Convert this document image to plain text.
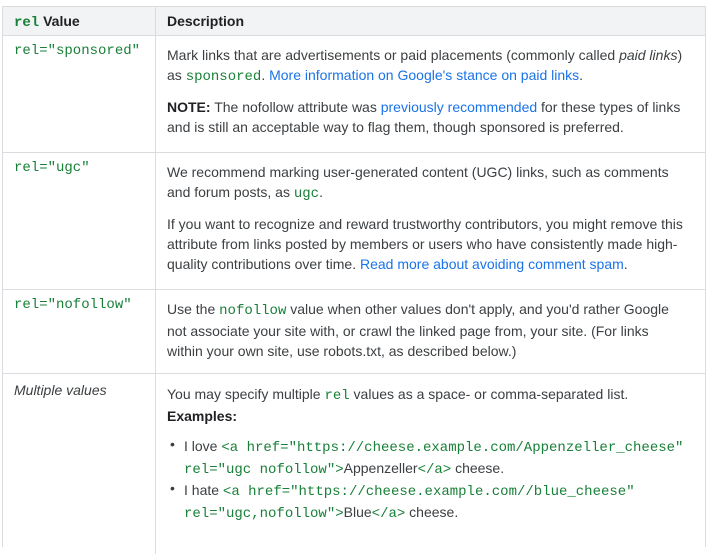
rel Value	Description
rel="sponsored" Mark links that are advertisements or paid placements (commonly called paid links) as sponsored. More information on Google's stance on paid links.

NOTE: The nofollow attribute was previously recommended for these types of links and is still an acceptable way to flag them, though sponsored is preferred.

rel="ugc"	We recommend marking user-generated content (UGC) links, such as comments and forum posts, as ugc.

If you want to recognize and reward trustworthy contributors, you might remove this attribute from links posted by members or users who have consistently made high-quality contributions over time. Read more about avoiding comment spam.

rel="nofollow"	Use the nofollow value when other values don't apply, and you'd rather Google not associate your site with, or crawl the linked page from, your site. (For links within your own site, use robots.txt, as described below.)

Multiple values	You may specify multiple rel values as a space- or comma-separated list.
Examples:

• I love <a href="https://cheese.example.com/Appenzeller_cheese" rel="ugc nofollow">Appenzeller</a> cheese.
• I hate <a href="https://cheese.example.com//blue_cheese" rel="ugc,nofollow">Blue</a> cheese.
